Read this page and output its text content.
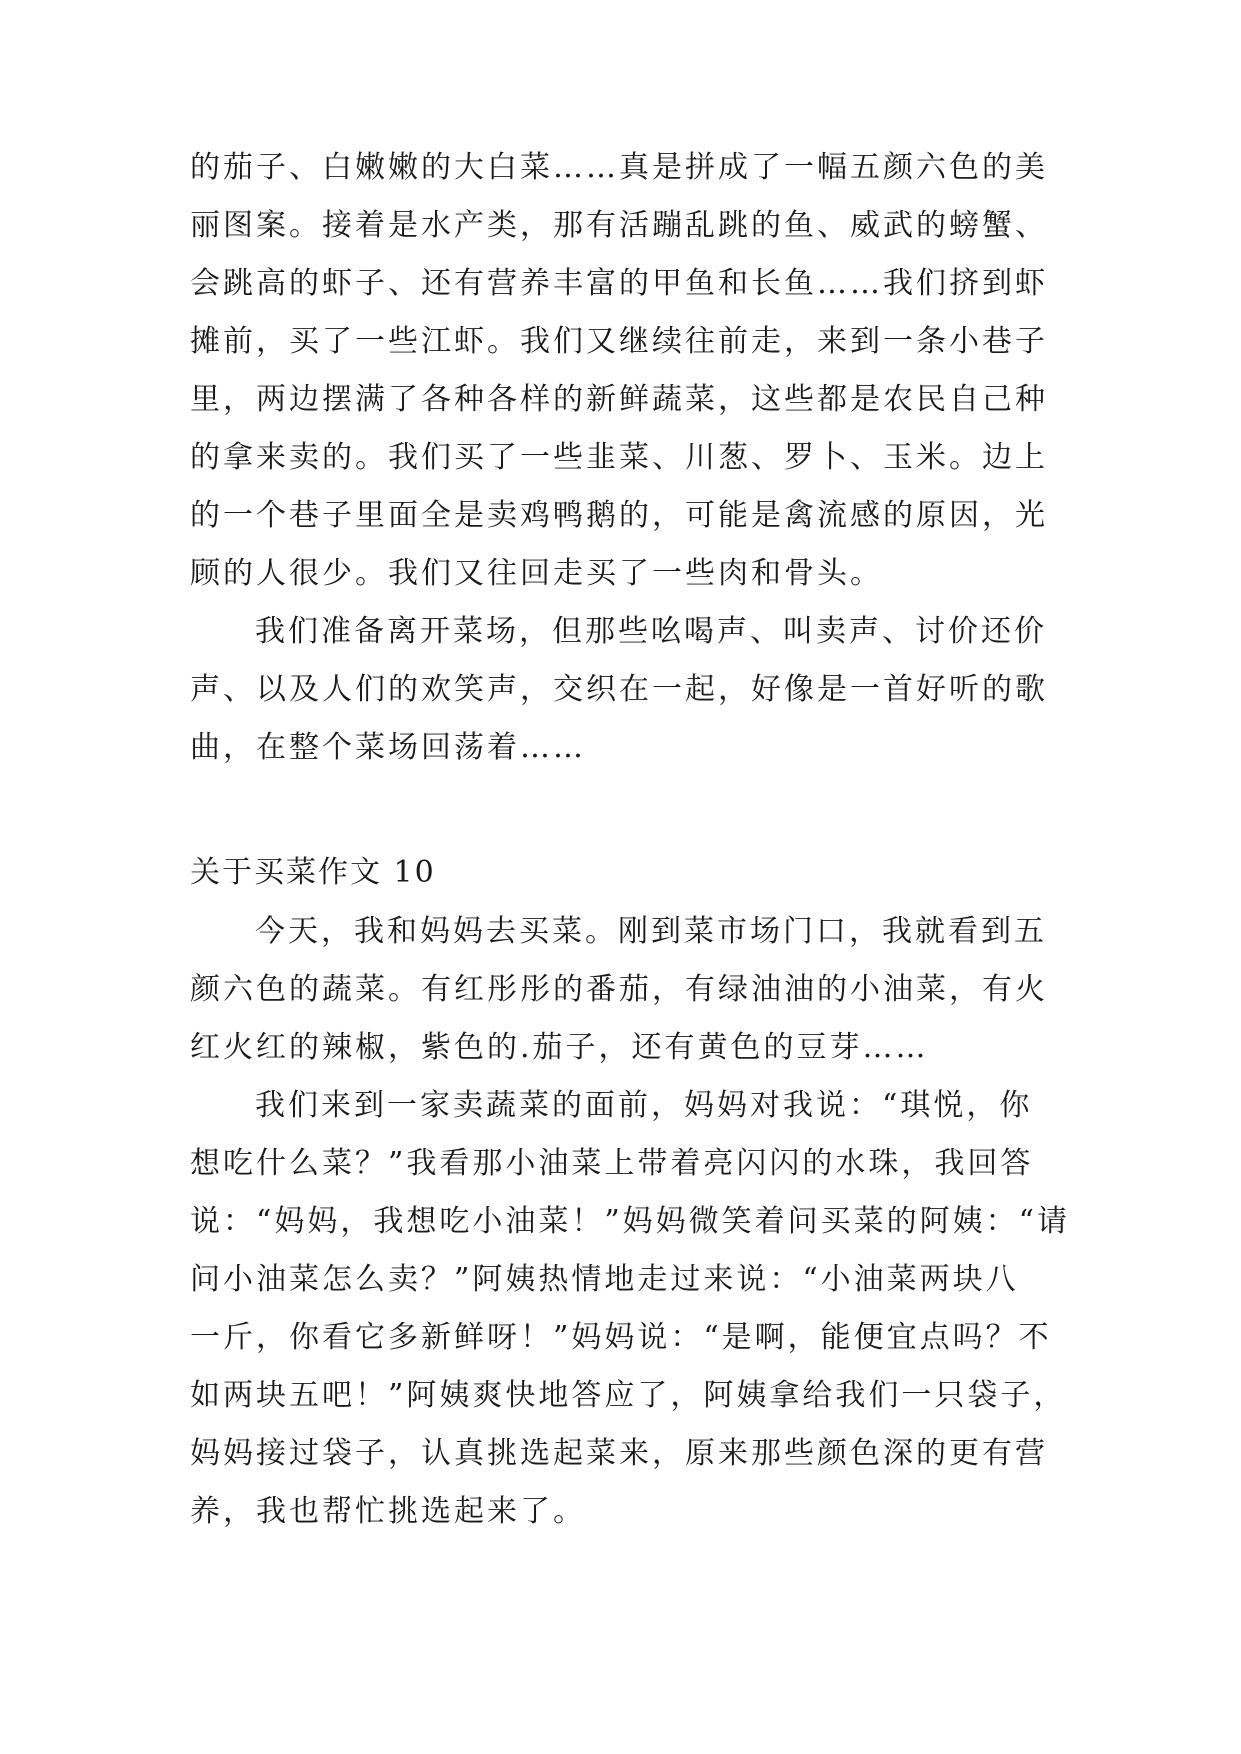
的茄子、白嫩嫩的大白菜……真是拼成了一幅五颜六色的美
丽图案。接着是水产类，那有活蹦乱跳的鱼、威武的螃蟹、
会跳高的虾子、还有营养丰富的甲鱼和长鱼……我们挤到虾
摊前，买了一些江虾。我们又继续往前走，来到一条小巷子
里，两边摆满了各种各样的新鲜蔬菜，这些都是农民自己种
的拿来卖的。我们买了一些韭菜、川葱、罗卜、玉米。边上
的一个巷子里面全是卖鸡鸭鹅的，可能是禽流感的原因，光
顾的人很少。我们又往回走买了一些肉和骨头。
我们准备离开菜场，但那些吆喝声、叫卖声、讨价还价
声、以及人们的欢笑声，交织在一起，好像是一首好听的歌
曲，在整个菜场回荡着……
关于买菜作文 10
今天，我和妈妈去买菜。刚到菜市场门口，我就看到五
颜六色的蔬菜。有红彤彤的番茄，有绿油油的小油菜，有火
红火红的辣椒，紫色的.茄子，还有黄色的豆芽……
我们来到一家卖蔬菜的面前，妈妈对我说：“琪悦，你
想吃什么菜？”我看那小油菜上带着亮闪闪的水珠，我回答
说：“妈妈，我想吃小油菜！”妈妈微笑着问买菜的阿姨：“请
问小油菜怎么卖？”阿姨热情地走过来说：“小油菜两块八
一斤，你看它多新鲜呀！”妈妈说：“是啊，能便宜点吗？不
如两块五吧！”阿姨爽快地答应了，阿姨拿给我们一只袋子，
妈妈接过袋子，认真挑选起菜来，原来那些颜色深的更有营
养，我也帮忙挑选起来了。
